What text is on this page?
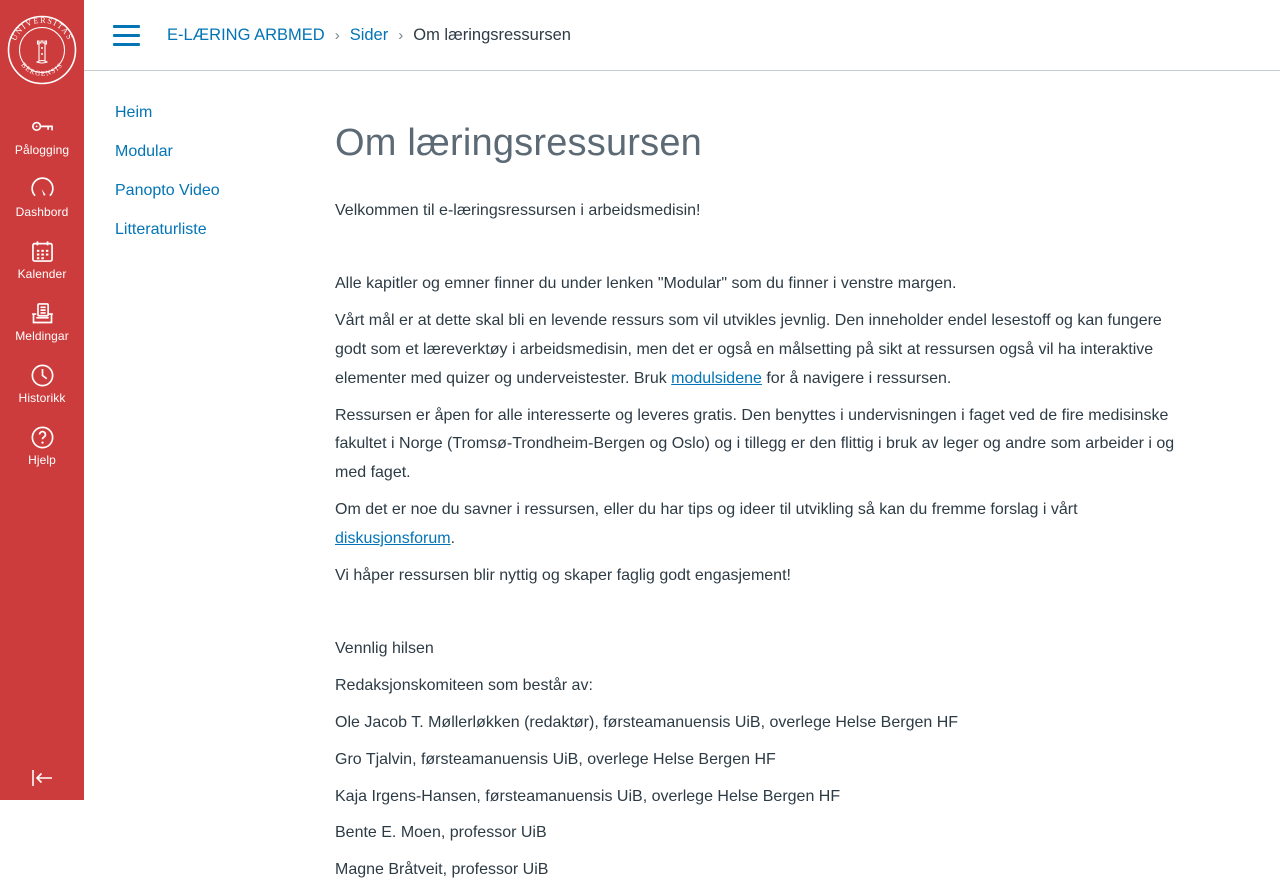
UNIVERSITAS
BERGENSIS
Pålogging
Dashbord
Kalender
Meldingar
Historikk
Hjelp
E-LÆRING ARBMED › Sider › Om læringsressursen
Heim
Modular
Panopto Video
Litteraturliste
Om læringsressursen

Velkommen til e-læringsressursen i arbeidsmedisin!

Alle kapitler og emner finner du under lenken "Modular" som du finner i venstre margen.

Vårt mål er at dette skal bli en levende ressurs som vil utvikles jevnlig. Den inneholder endel lesestoff og kan fungere godt som et læreverktøy i arbeidsmedisin, men det er også en målsetting på sikt at ressursen også vil ha interaktive elementer med quizer og underveistester. Bruk modulsidene for å navigere i ressursen.

Ressursen er åpen for alle interesserte og leveres gratis. Den benyttes i undervisningen i faget ved de fire medisinske fakultet i Norge (Tromsø-Trondheim-Bergen og Oslo) og i tillegg er den flittig i bruk av leger og andre som arbeider i og med faget.

Om det er noe du savner i ressursen, eller du har tips og ideer til utvikling så kan du fremme forslag i vårt diskusjonsforum.

Vi håper ressursen blir nyttig og skaper faglig godt engasjement!

Vennlig hilsen

Redaksjonskomiteen som består av:

Ole Jacob T. Møllerløkken (redaktør), førsteamanuensis UiB, overlege Helse Bergen HF

Gro Tjalvin, førsteamanuensis UiB, overlege Helse Bergen HF

Kaja Irgens-Hansen, førsteamanuensis UiB, overlege Helse Bergen HF

Bente E. Moen, professor UiB

Magne Bråtveit, professor UiB
